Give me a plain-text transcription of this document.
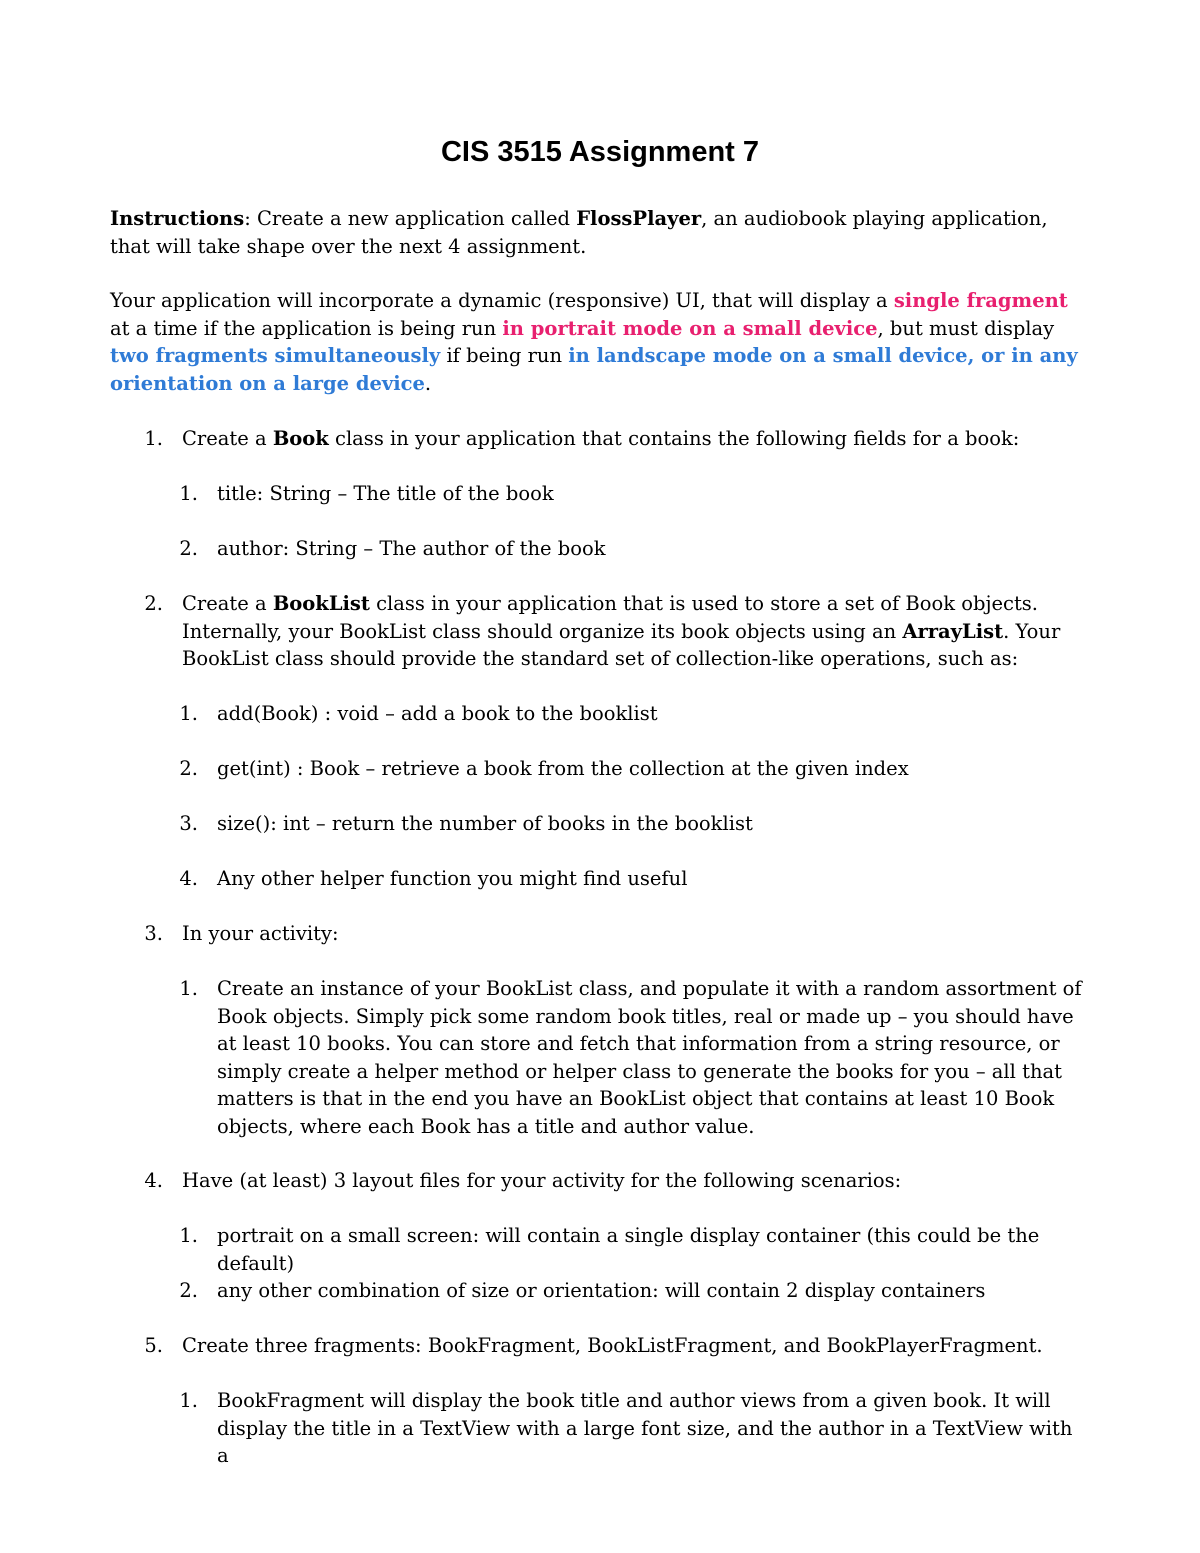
CIS 3515 Assignment 7

Instructions: Create a new application called FlossPlayer, an audiobook playing application, that will take shape over the next 4 assignment.

Your application will incorporate a dynamic (responsive) UI, that will display a single fragment at a time if the application is being run in portrait mode on a small device, but must display two fragments simultaneously if being run in landscape mode on a small device, or in any orientation on a large device.

1. Create a Book class in your application that contains the following fields for a book:
1. title: String – The title of the book
2. author: String – The author of the book
2. Create a BookList class in your application that is used to store a set of Book objects. Internally, your BookList class should organize its book objects using an ArrayList. Your BookList class should provide the standard set of collection-like operations, such as:
1. add(Book) : void – add a book to the booklist
2. get(int) : Book – retrieve a book from the collection at the given index
3. size(): int – return the number of books in the booklist
4. Any other helper function you might find useful
3. In your activity:
1. Create an instance of your BookList class, and populate it with a random assortment of Book objects. Simply pick some random book titles, real or made up – you should have at least 10 books. You can store and fetch that information from a string resource, or simply create a helper method or helper class to generate the books for you – all that matters is that in the end you have an BookList object that contains at least 10 Book objects, where each Book has a title and author value.
4. Have (at least) 3 layout files for your activity for the following scenarios:
1. portrait on a small screen: will contain a single display container (this could be the default)
2. any other combination of size or orientation: will contain 2 display containers
5. Create three fragments: BookFragment, BookListFragment, and BookPlayerFragment.
1. BookFragment will display the book title and author views from a given book. It will display the title in a TextView with a large font size, and the author in a TextView with a
